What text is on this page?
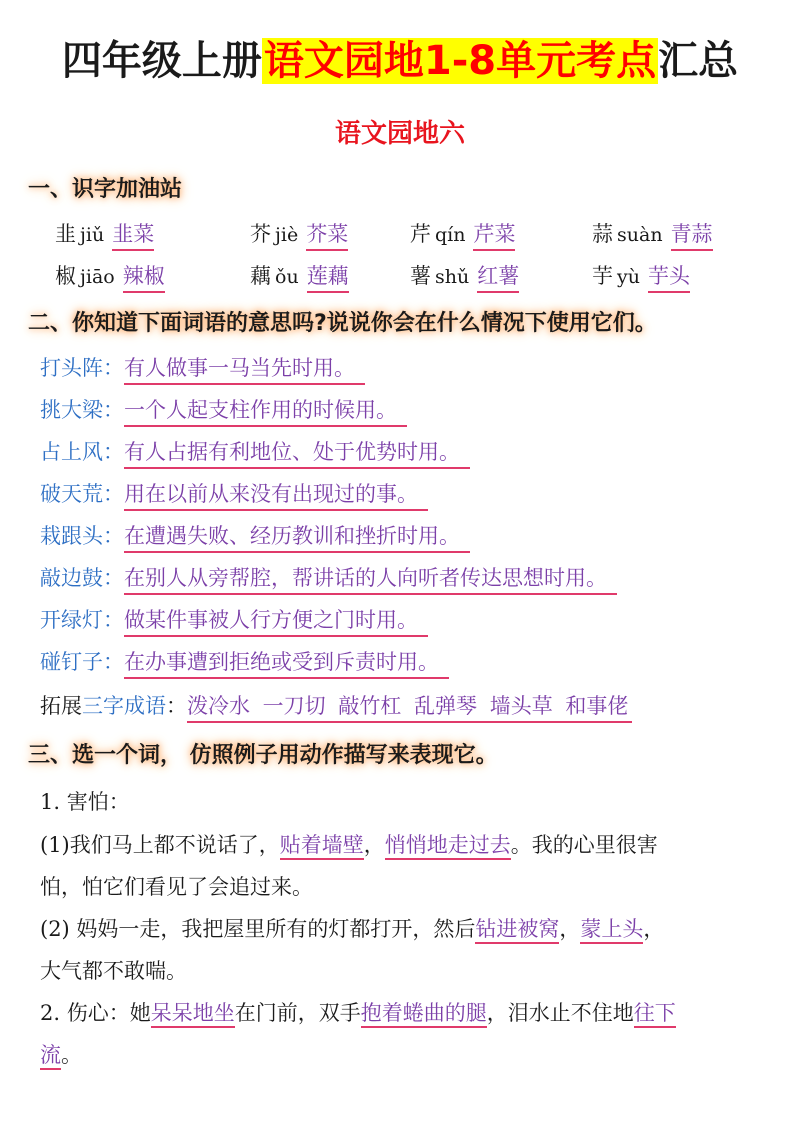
四年级上册语文园地1-8单元考点汇总
语文园地六
一、识字加油站
韭 jiǔ 韭菜	芥 jiè 芥菜	芹 qín 芹菜	蒜 suàn 青蒜
椒 jiāo 辣椒	藕 ǒu 莲藕	薯 shǔ 红薯	芋 yù 芋头
二、你知道下面词语的意思吗?说说你会在什么情况下使用它们。
打头阵：有人做事一马当先时用。
挑大梁：一个人起支柱作用的时候用。
占上风：有人占据有利地位、处于优势时用。
破天荒：用在以前从来没有出现过的事。
栽跟头：在遭遇失败、经历教训和挫折时用。
敲边鼓：在别人从旁帮腔，帮讲话的人向听者传达思想时用。
开绿灯：做某件事被人行方便之门时用。
碰钉子：在办事遭到拒绝或受到斥责时用。
拓展三字成语：泼冷水 一刀切 敲竹杠 乱弹琴 墙头草 和事佬
三、选一个词， 仿照例子用动作描写来表现它。
1. 害怕：
(1)我们马上都不说话了，贴着墙壁，悄悄地走过去。我的心里很害
怕，怕它们看见了会追过来。
(2) 妈妈一走，我把屋里所有的灯都打开，然后钻进被窝，蒙上头，
大气都不敢喘。
2. 伤心：她呆呆地坐在门前，双手抱着蜷曲的腿，泪水止不住地往下
流。
